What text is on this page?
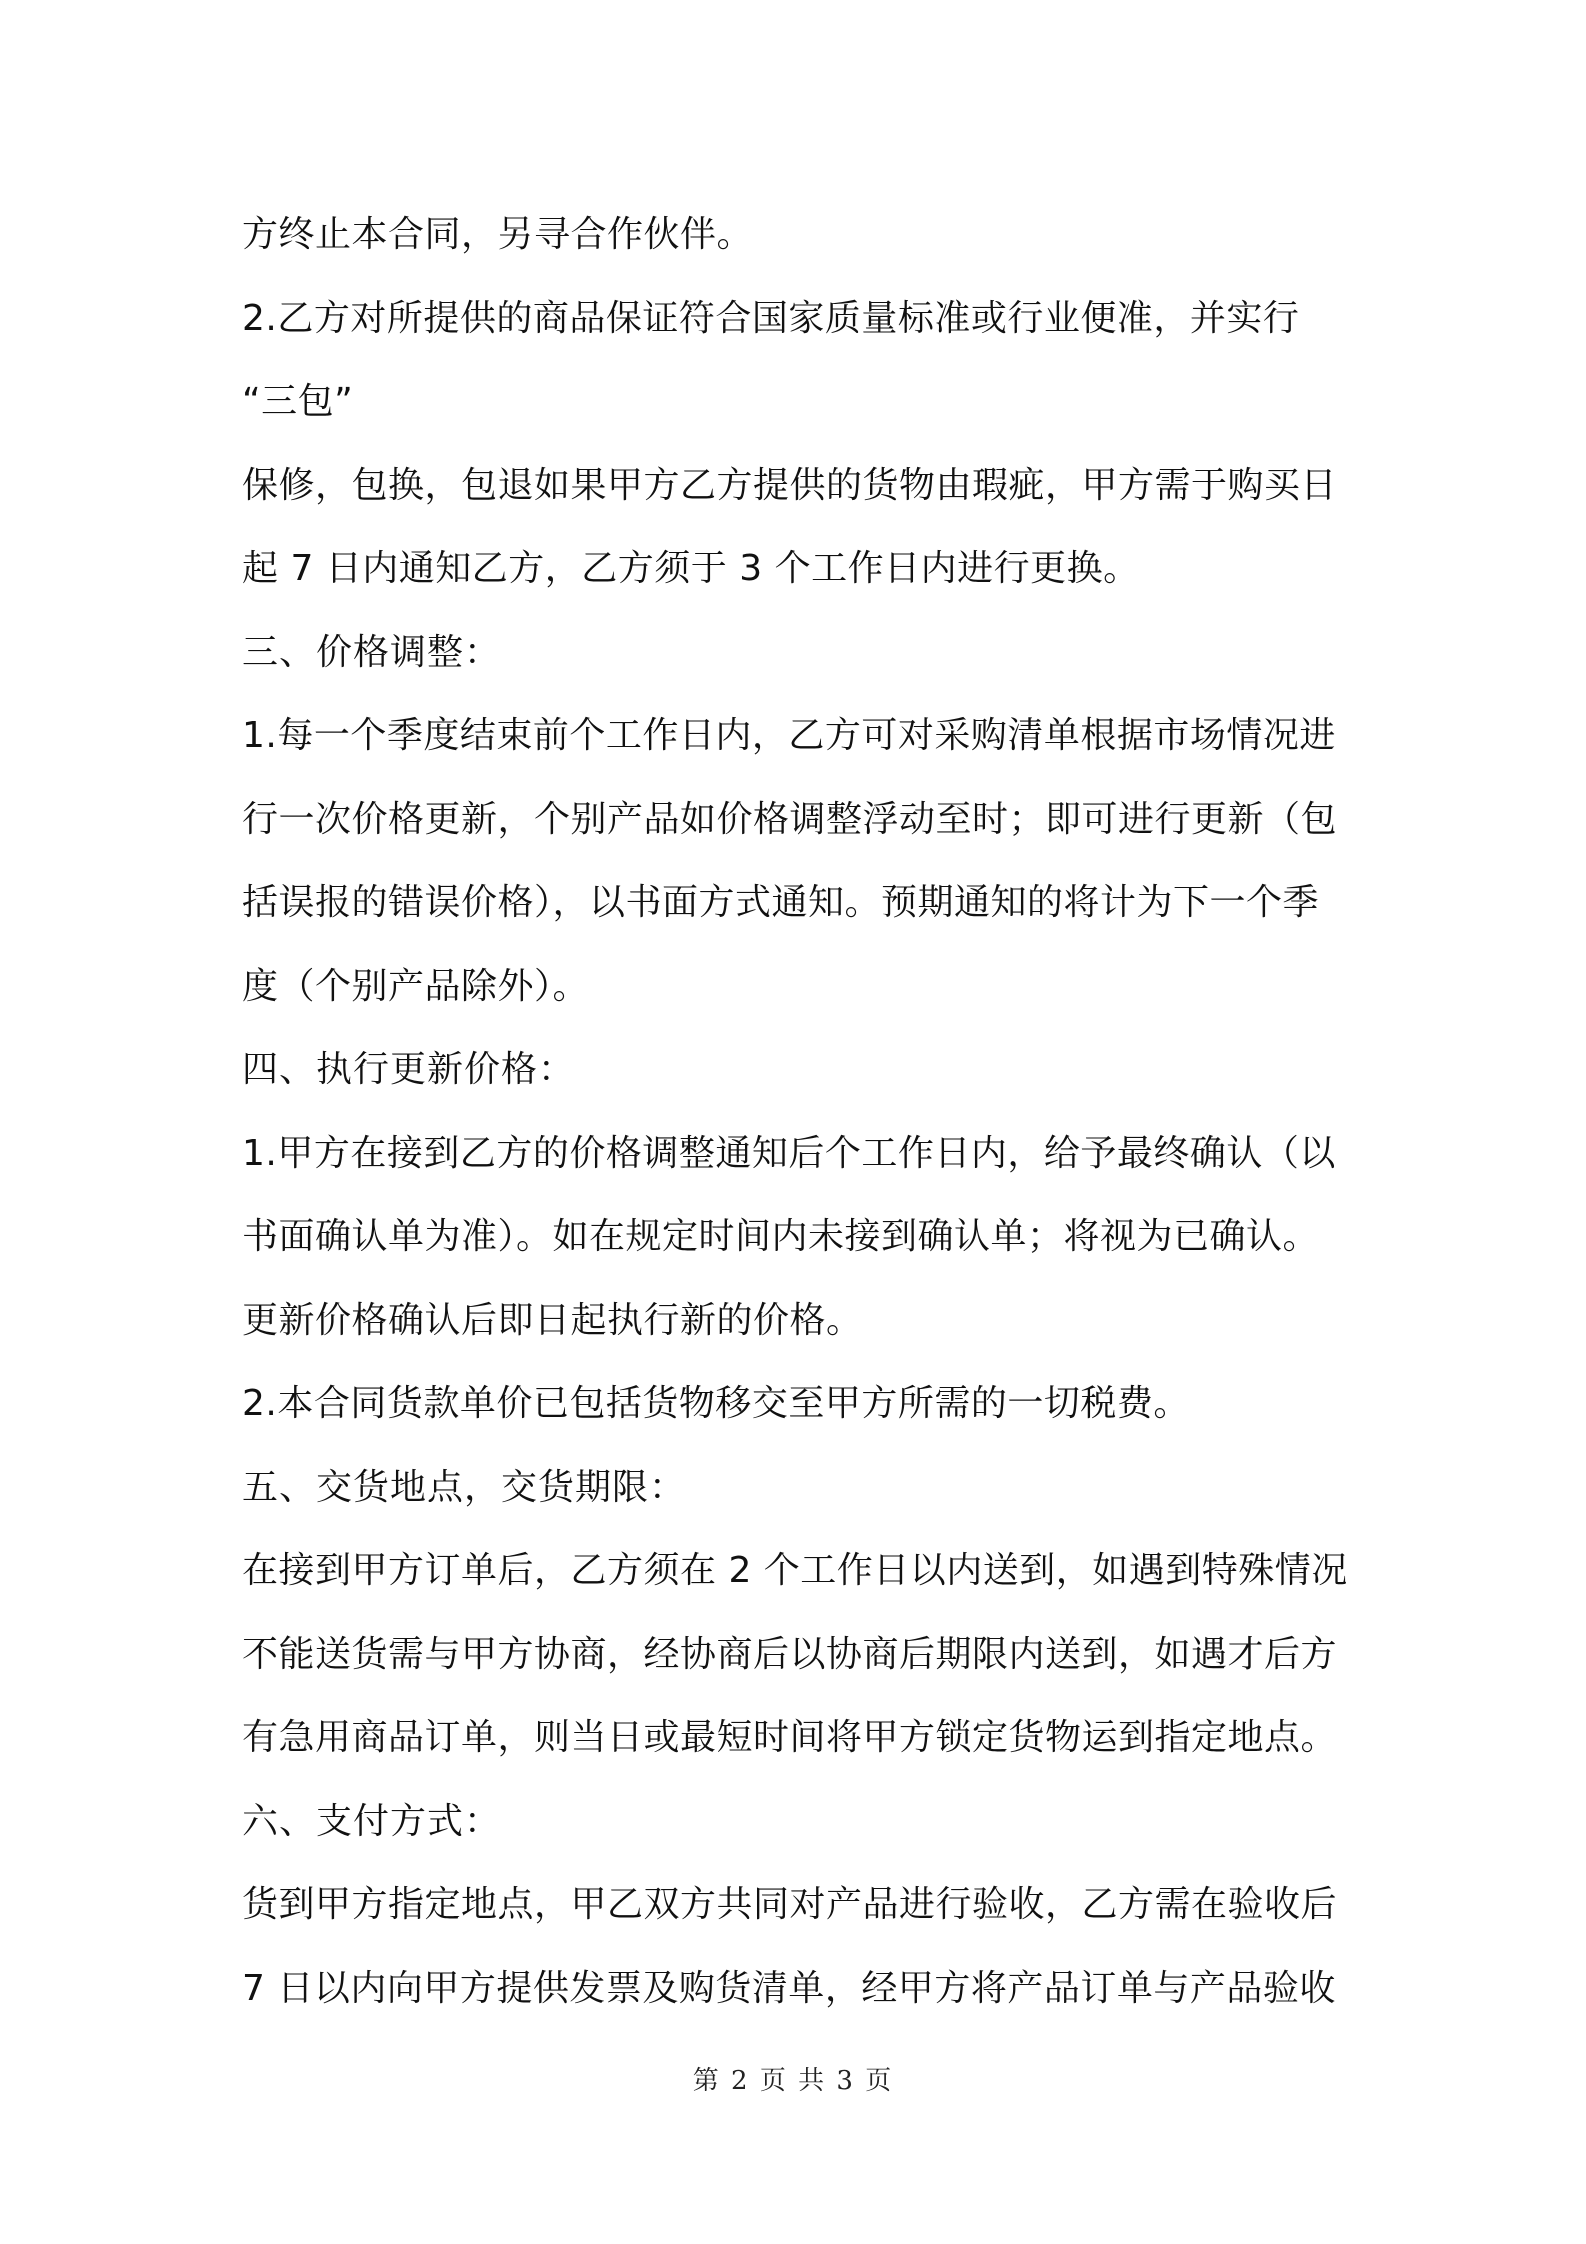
方终止本合同，另寻合作伙伴。
2.乙方对所提供的商品保证符合国家质量标准或行业便准，并实行
“三包”
保修，包换，包退如果甲方乙方提供的货物由瑕疵，甲方需于购买日
起 7 日内通知乙方，乙方须于 3 个工作日内进行更换。
三、价格调整：
1.每一个季度结束前个工作日内，乙方可对采购清单根据市场情况进
行一次价格更新，个别产品如价格调整浮动至时；即可进行更新（包
括误报的错误价格），以书面方式通知。预期通知的将计为下一个季
度（个别产品除外）。
四、执行更新价格：
1.甲方在接到乙方的价格调整通知后个工作日内，给予最终确认（以
书面确认单为准）。如在规定时间内未接到确认单；将视为已确认。
更新价格确认后即日起执行新的价格。
2.本合同货款单价已包括货物移交至甲方所需的一切税费。
五、交货地点，交货期限：
在接到甲方订单后，乙方须在 2 个工作日以内送到，如遇到特殊情况
不能送货需与甲方协商，经协商后以协商后期限内送到，如遇才后方
有急用商品订单，则当日或最短时间将甲方锁定货物运到指定地点。
六、支付方式：
货到甲方指定地点，甲乙双方共同对产品进行验收，乙方需在验收后
7 日以内向甲方提供发票及购货清单，经甲方将产品订单与产品验收
第 2 页 共 3 页
